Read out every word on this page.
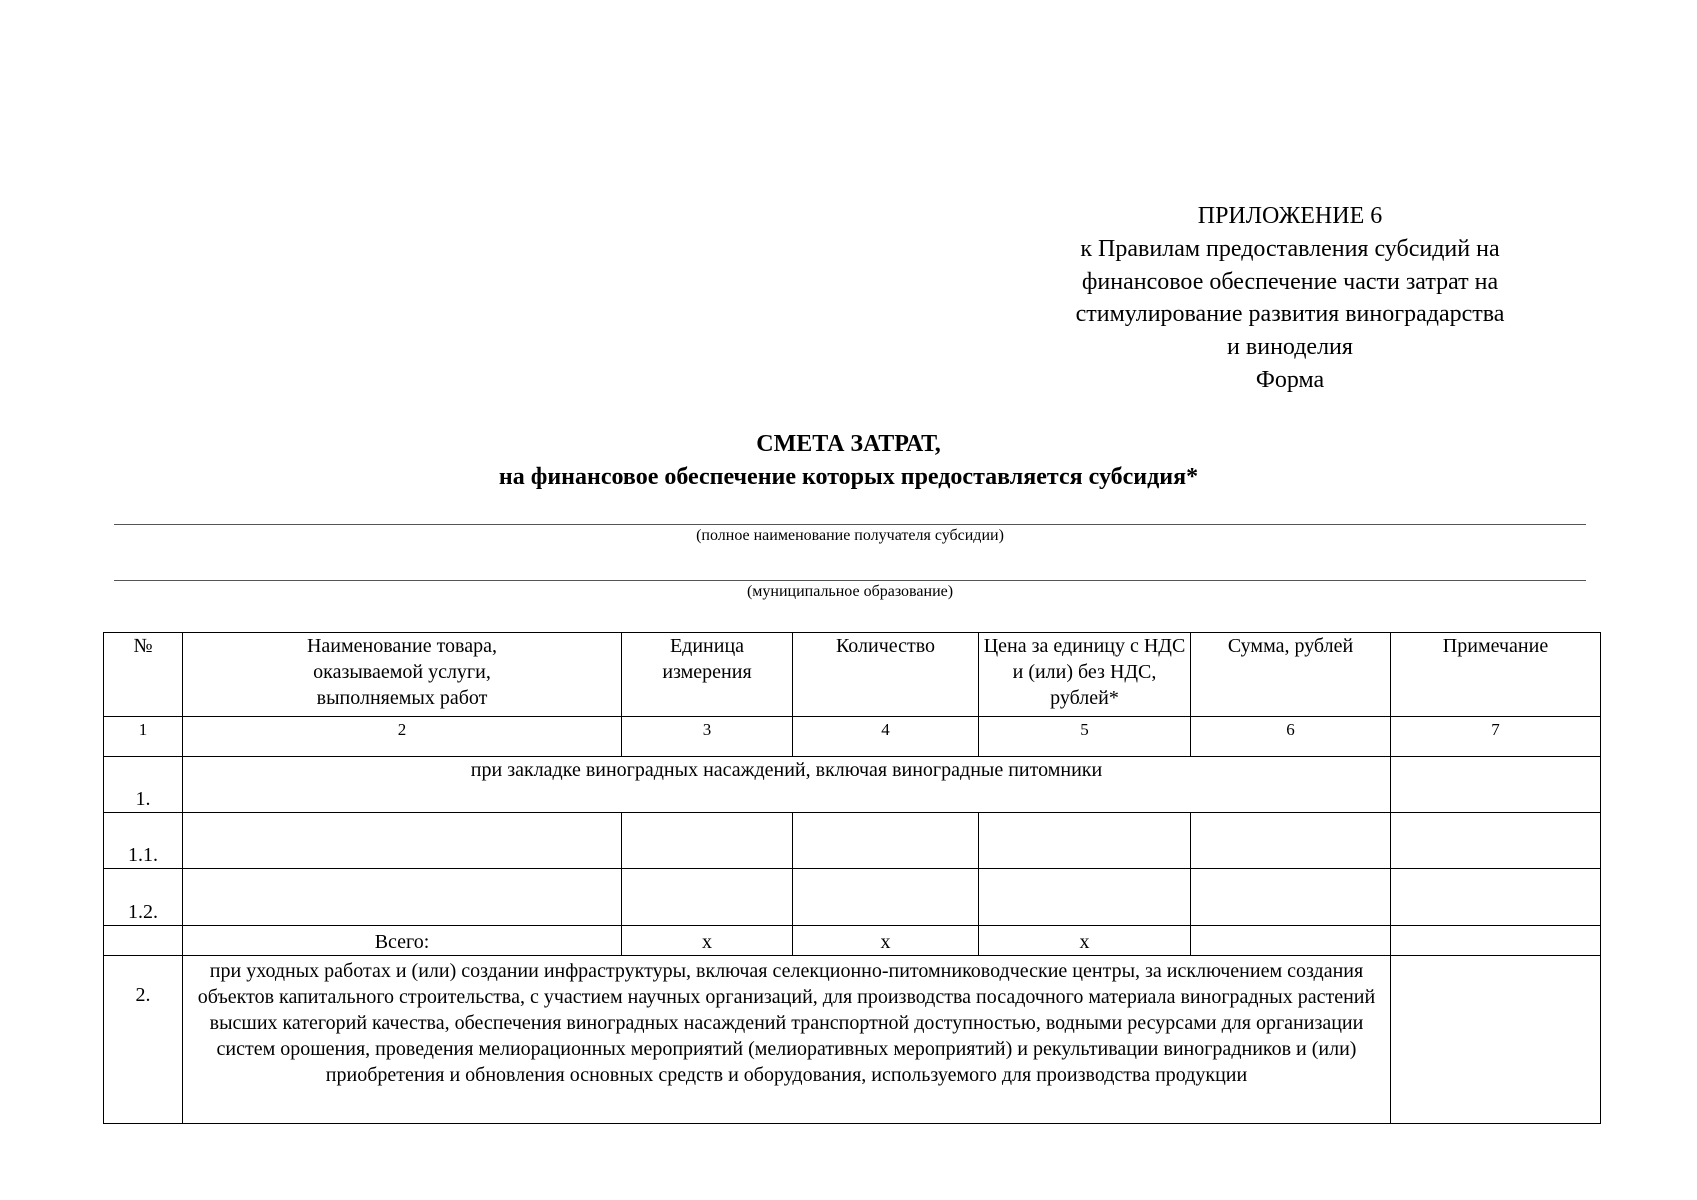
ПРИЛОЖЕНИЕ 6
к Правилам предоставления субсидий на
финансовое обеспечение части затрат на
стимулирование развития виноградарства
и виноделия
Форма
СМЕТА ЗАТРАТ,
на финансовое обеспечение которых предоставляется субсидия*
(полное наименование получателя субсидии)
(муниципальное образование)
№	Наименование товара, оказываемой услуги, выполняемых работ	Единица измерения	Количество	Цена за единицу с НДС и (или) без НДС, рублей*	Сумма, рублей	Примечание
1	2	3	4	5	6	7
1.	при закладке виноградных насаждений, включая виноградные питомники					
1.1.						
1.2.						
	Всего:	х	х	х		
2.	при уходных работах и (или) создании инфраструктуры, включая селекционно-питомниководческие центры, за исключением создания объектов капитального строительства, с участием научных организаций, для производства посадочного материала виноградных растений высших категорий качества, обеспечения виноградных насаждений транспортной доступностью, водными ресурсами для организации систем орошения, проведения мелиорационных мероприятий (мелиоративных мероприятий) и рекультивации виноградников и (или) приобретения и обновления основных средств и оборудования, используемого для производства продукции					
